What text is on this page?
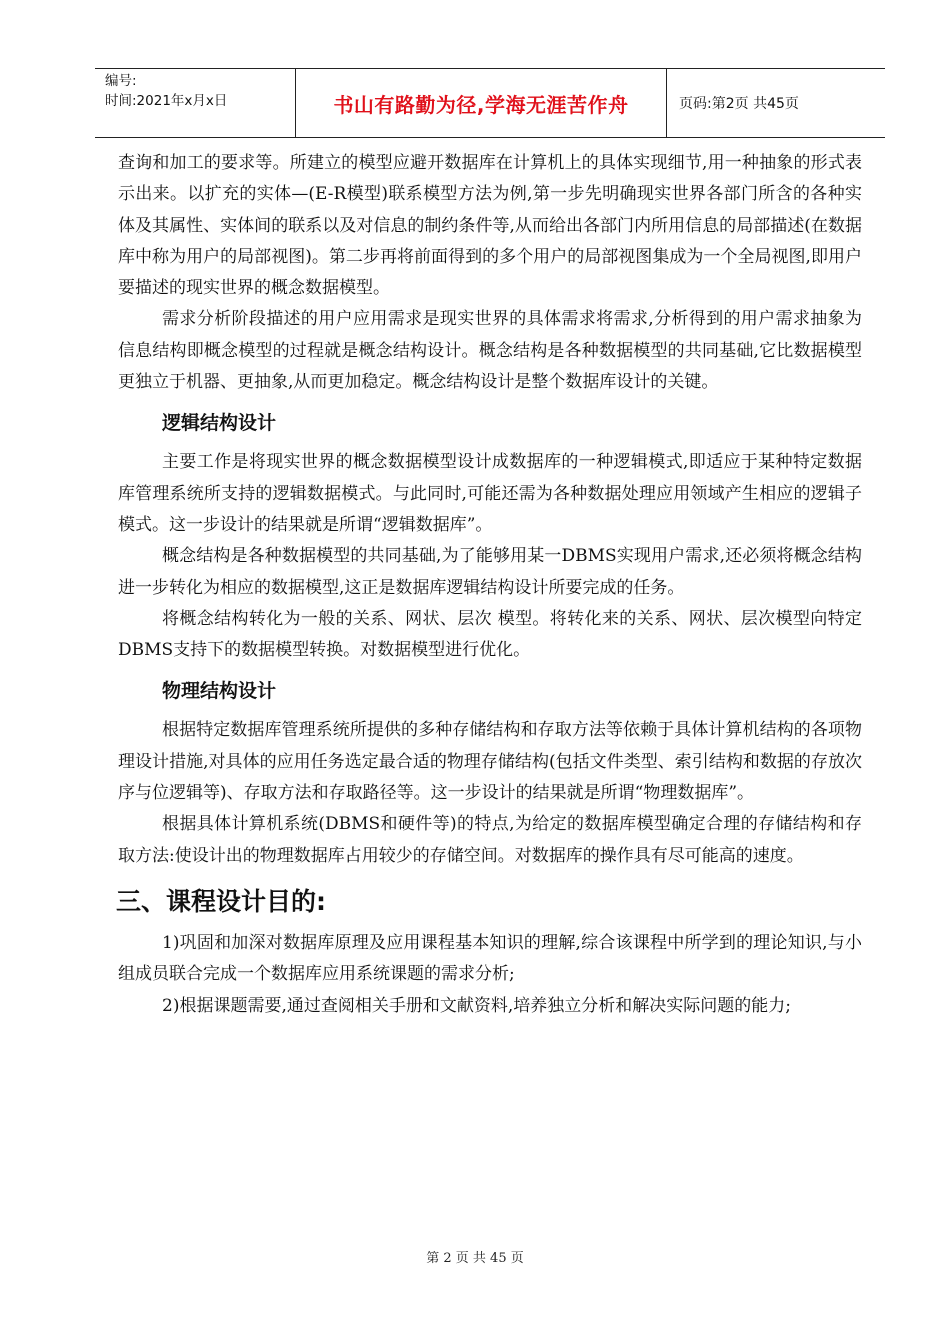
编号:
时间:2021年x月x日	书山有路勤为径,学海无涯苦作舟	页码:第2页 共45页

查询和加工的要求等。所建立的模型应避开数据库在计算机上的具体实现细节,用一种抽象的形式表示出来。以扩充的实体—(E-R模型)联系模型方法为例,第一步先明确现实世界各部门所含的各种实体及其属性、实体间的联系以及对信息的制约条件等,从而给出各部门内所用信息的局部描述(在数据库中称为用户的局部视图)。第二步再将前面得到的多个用户的局部视图集成为一个全局视图,即用户要描述的现实世界的概念数据模型。

需求分析阶段描述的用户应用需求是现实世界的具体需求将需求,分析得到的用户需求抽象为信息结构即概念模型的过程就是概念结构设计。概念结构是各种数据模型的共同基础,它比数据模型更独立于机器、更抽象,从而更加稳定。概念结构设计是整个数据库设计的关键。

逻辑结构设计

主要工作是将现实世界的概念数据模型设计成数据库的一种逻辑模式,即适应于某种特定数据库管理系统所支持的逻辑数据模式。与此同时,可能还需为各种数据处理应用领域产生相应的逻辑子模式。这一步设计的结果就是所谓“逻辑数据库”。

概念结构是各种数据模型的共同基础,为了能够用某一DBMS实现用户需求,还必须将概念结构进一步转化为相应的数据模型,这正是数据库逻辑结构设计所要完成的任务。

将概念结构转化为一般的关系、网状、层次 模型。将转化来的关系、网状、层次模型向特定 DBMS支持下的数据模型转换。对数据模型进行优化。

物理结构设计

根据特定数据库管理系统所提供的多种存储结构和存取方法等依赖于具体计算机结构的各项物理设计措施,对具体的应用任务选定最合适的物理存储结构(包括文件类型、索引结构和数据的存放次序与位逻辑等)、存取方法和存取路径等。这一步设计的结果就是所谓“物理数据库”。

根据具体计算机系统(DBMS和硬件等)的特点,为给定的数据库模型确定合理的存储结构和存取方法:使设计出的物理数据库占用较少的存储空间。对数据库的操作具有尽可能高的速度。

三、课程设计目的:

1)巩固和加深对数据库原理及应用课程基本知识的理解,综合该课程中所学到的理论知识,与小组成员联合完成一个数据库应用系统课题的需求分析;

2)根据课题需要,通过查阅相关手册和文献资料,培养独立分析和解决实际问题的能力;

第 2 页 共 45 页
